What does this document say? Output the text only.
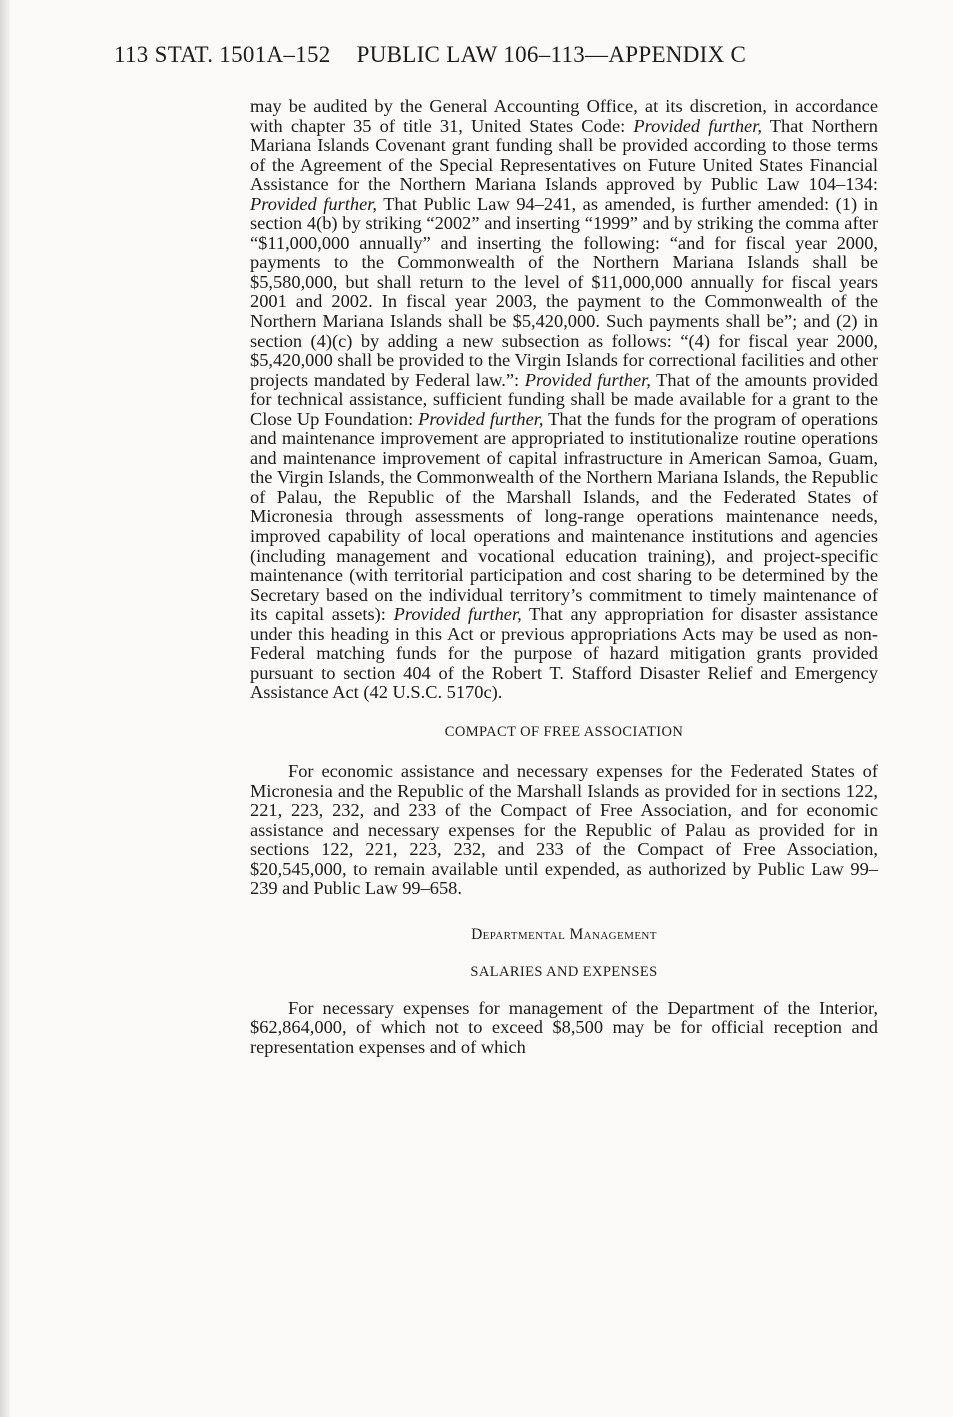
113 STAT. 1501A–152 PUBLIC LAW 106–113—APPENDIX C

may be audited by the General Accounting Office, at its discretion, in accordance with chapter 35 of title 31, United States Code: Provided further, That Northern Mariana Islands Covenant grant funding shall be provided according to those terms of the Agreement of the Special Representatives on Future United States Financial Assistance for the Northern Mariana Islands approved by Public Law 104–134: Provided further, That Public Law 94–241, as amended, is further amended: (1) in section 4(b) by striking “2002” and inserting “1999” and by striking the comma after “$11,000,000 annually” and inserting the following: “and for fiscal year 2000, payments to the Commonwealth of the Northern Mariana Islands shall be $5,580,000, but shall return to the level of $11,000,000 annually for fiscal years 2001 and 2002. In fiscal year 2003, the payment to the Commonwealth of the Northern Mariana Islands shall be $5,420,000. Such payments shall be”; and (2) in section (4)(c) by adding a new subsection as follows: “(4) for fiscal year 2000, $5,420,000 shall be provided to the Virgin Islands for correctional facilities and other projects mandated by Federal law.”: Provided further, That of the amounts provided for technical assistance, sufficient funding shall be made available for a grant to the Close Up Foundation: Provided further, That the funds for the program of operations and maintenance improvement are appropriated to institutionalize routine operations and maintenance improvement of capital infrastructure in American Samoa, Guam, the Virgin Islands, the Commonwealth of the Northern Mariana Islands, the Republic of Palau, the Republic of the Marshall Islands, and the Federated States of Micronesia through assessments of long-range operations maintenance needs, improved capability of local operations and maintenance institutions and agencies (including management and vocational education training), and project-specific maintenance (with territorial participation and cost sharing to be determined by the Secretary based on the individual territory’s commitment to timely maintenance of its capital assets): Provided further, That any appropriation for disaster assistance under this heading in this Act or previous appropriations Acts may be used as non-Federal matching funds for the purpose of hazard mitigation grants provided pursuant to section 404 of the Robert T. Stafford Disaster Relief and Emergency Assistance Act (42 U.S.C. 5170c).

COMPACT OF FREE ASSOCIATION

For economic assistance and necessary expenses for the Federated States of Micronesia and the Republic of the Marshall Islands as provided for in sections 122, 221, 223, 232, and 233 of the Compact of Free Association, and for economic assistance and necessary expenses for the Republic of Palau as provided for in sections 122, 221, 223, 232, and 233 of the Compact of Free Association, $20,545,000, to remain available until expended, as authorized by Public Law 99–239 and Public Law 99–658.

Departmental Management
SALARIES AND EXPENSES

For necessary expenses for management of the Department of the Interior, $62,864,000, of which not to exceed $8,500 may be for official reception and representation expenses and of which
